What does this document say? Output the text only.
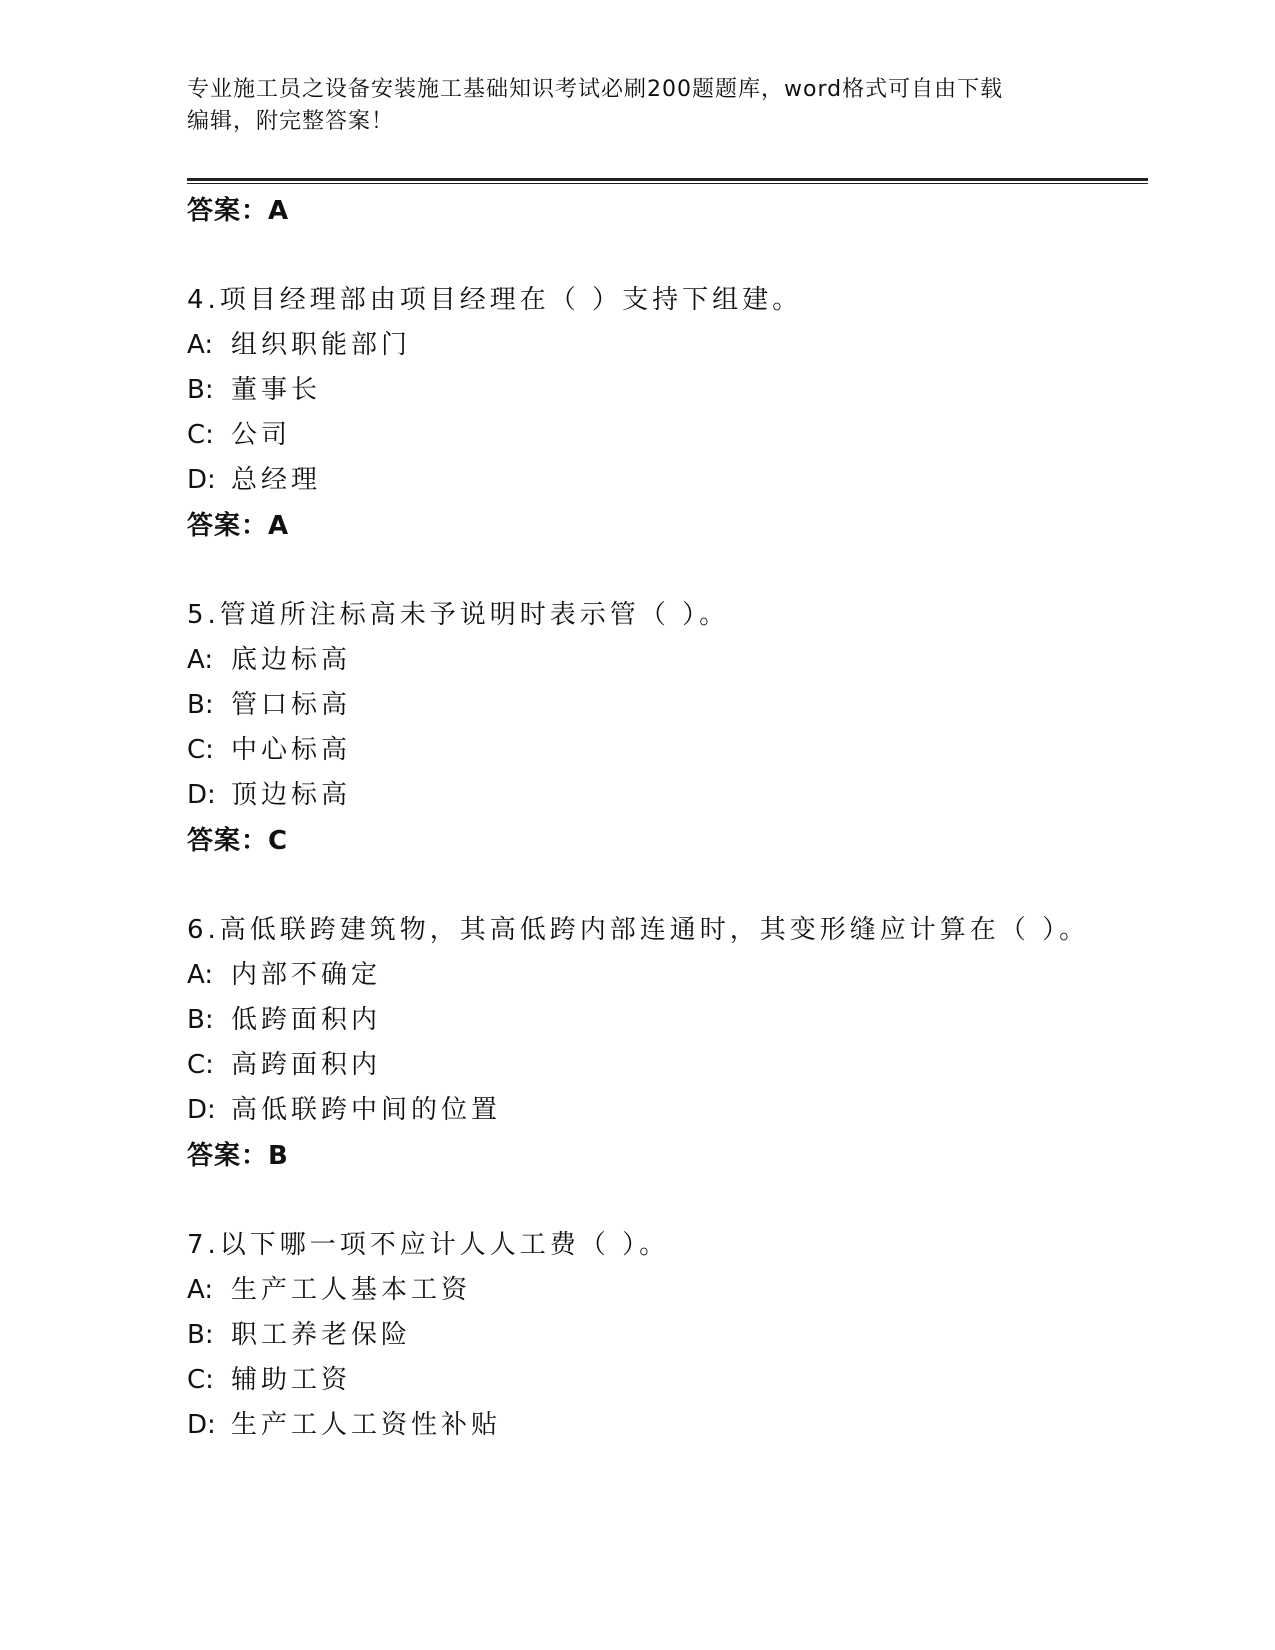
专业施工员之设备安装施工基础知识考试必刷200题题库，word格式可自由下载
编辑，附完整答案！
答案：A
4.项目经理部由项目经理在（ ）支持下组建。
A: 组织职能部门
B: 董事长
C: 公司
D: 总经理
答案：A
5.管道所注标高未予说明时表示管（ ）。
A: 底边标高
B: 管口标高
C: 中心标高
D: 顶边标高
答案：C
6.高低联跨建筑物，其高低跨内部连通时，其变形缝应计算在（ ）。
A: 内部不确定
B: 低跨面积内
C: 高跨面积内
D: 高低联跨中间的位置
答案：B
7.以下哪一项不应计人人工费（ ）。
A: 生产工人基本工资
B: 职工养老保险
C: 辅助工资
D: 生产工人工资性补贴
